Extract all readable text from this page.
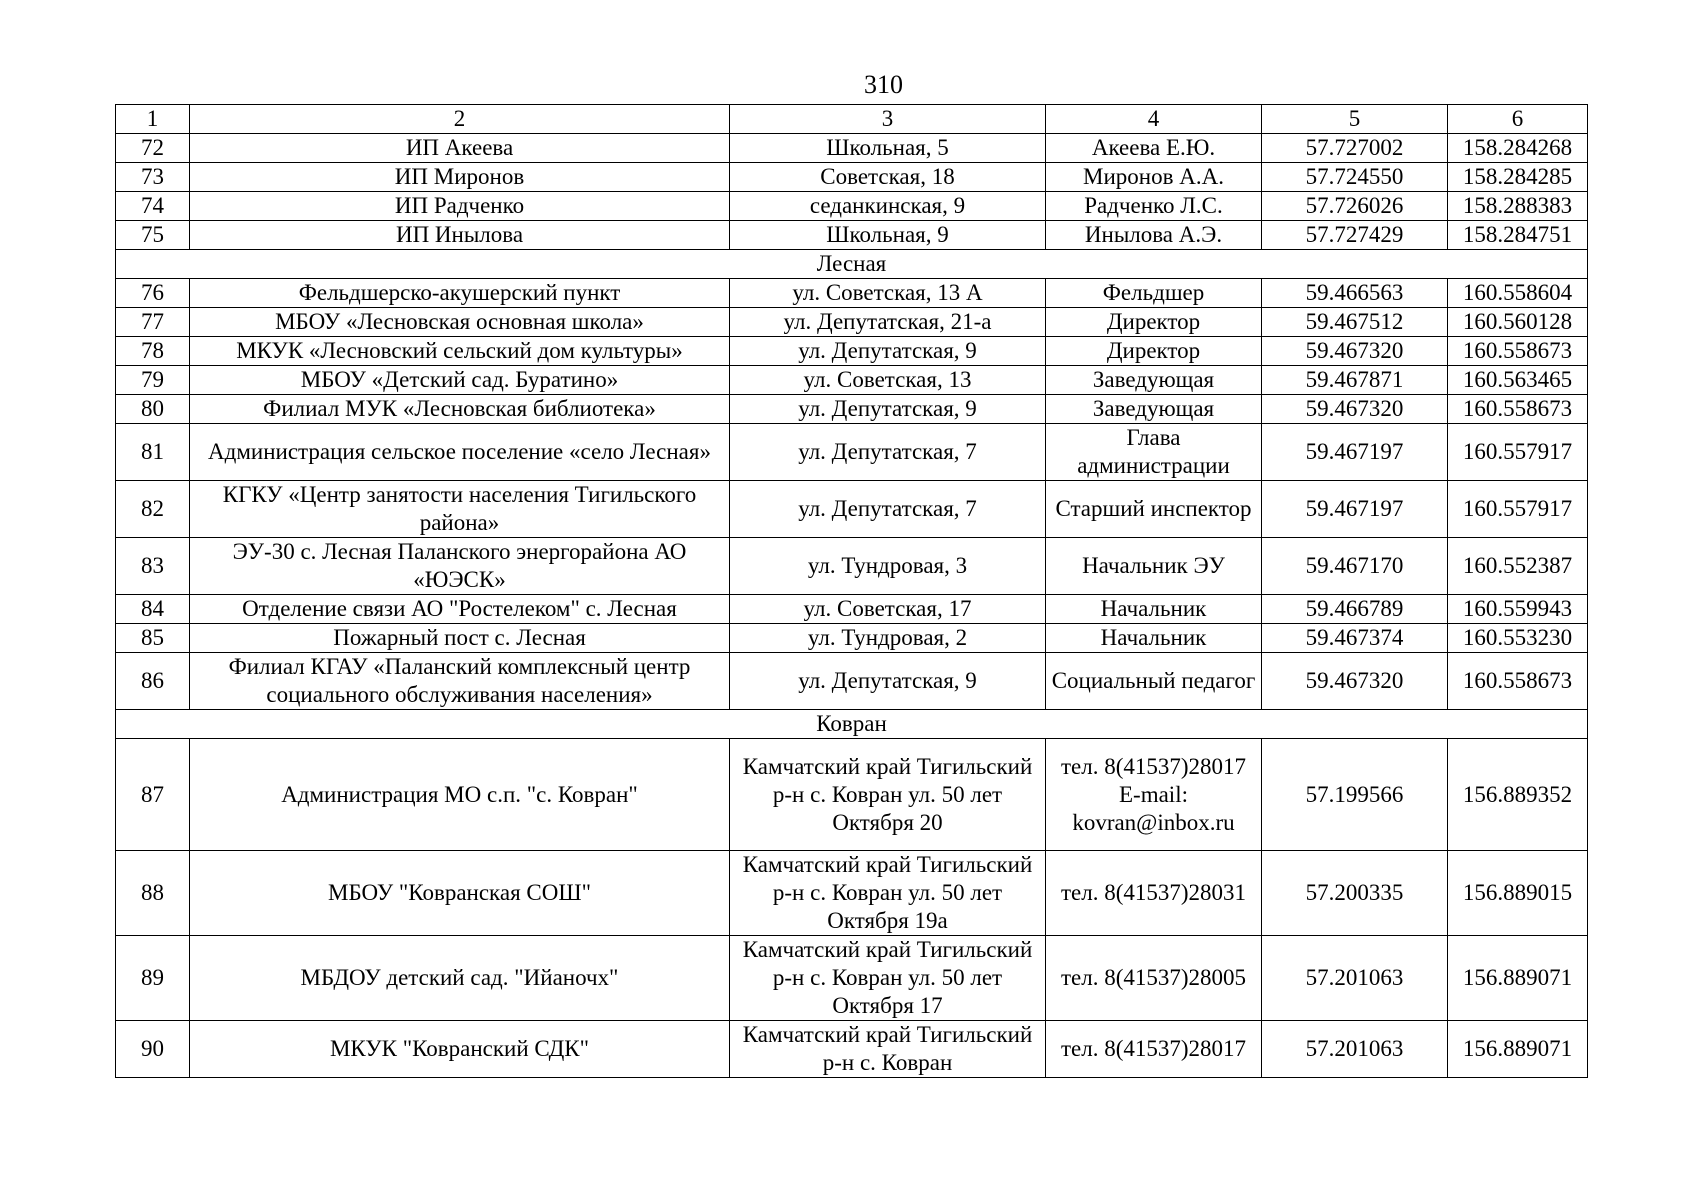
310
1	2	3	4	5	6
72	ИП Акеева	Школьная, 5	Акеева Е.Ю.	57.727002	158.284268
73	ИП Миронов	Советская, 18	Миронов А.А.	57.724550	158.284285
74	ИП Радченко	седанкинская, 9	Радченко Л.С.	57.726026	158.288383
75	ИП Инылова	Школьная, 9	Инылова А.Э.	57.727429	158.284751
Лесная					
76	Фельдшерско-акушерский пункт	ул. Советская, 13 А	Фельдшер	59.466563	160.558604
77	МБОУ «Лесновская основная школа»	ул. Депутатская, 21-а	Директор	59.467512	160.560128
78	МКУК «Лесновский сельский дом культуры»	ул. Депутатская, 9	Директор	59.467320	160.558673
79	МБОУ «Детский сад. Буратино»	ул. Советская, 13	Заведующая	59.467871	160.563465
80	Филиал МУК «Лесновская библиотека»	ул. Депутатская, 9	Заведующая	59.467320	160.558673
81	Администрация сельское поселение «село Лесная»	ул. Депутатская, 7	Глава администрации	59.467197	160.557917
82	КГКУ «Центр занятости населения Тигильского района»	ул. Депутатская, 7	Старший инспектор	59.467197	160.557917
83	ЭУ-30 с. Лесная Паланского энергорайона АО «ЮЭСК»	ул. Тундровая, 3	Начальник ЭУ	59.467170	160.552387
84	Отделение связи АО "Ростелеком" с. Лесная	ул. Советская, 17	Начальник	59.466789	160.559943
85	Пожарный пост с. Лесная	ул. Тундровая, 2	Начальник	59.467374	160.553230
86	Филиал КГАУ «Паланский комплексный центр социального обслуживания населения»	ул. Депутатская, 9	Социальный педагог	59.467320	160.558673
Ковран					
87	Администрация МО с.п. "с. Ковран"	Камчатский край Тигильский р-н с. Ковран ул. 50 лет Октября 20	тел. 8(41537)28017 E-mail: kovran@inbox.ru	57.199566	156.889352
88	МБОУ "Ковранская СОШ"	Камчатский край Тигильский р-н с. Ковран ул. 50 лет Октября 19а	тел. 8(41537)28031	57.200335	156.889015
89	МБДОУ детский сад. "Ийаночх"	Камчатский край Тигильский р-н с. Ковран ул. 50 лет Октября 17	тел. 8(41537)28005	57.201063	156.889071
90	МКУК "Ковранский СДК"	Камчатский край Тигильский р-н с. Ковран	тел. 8(41537)28017	57.201063	156.889071
